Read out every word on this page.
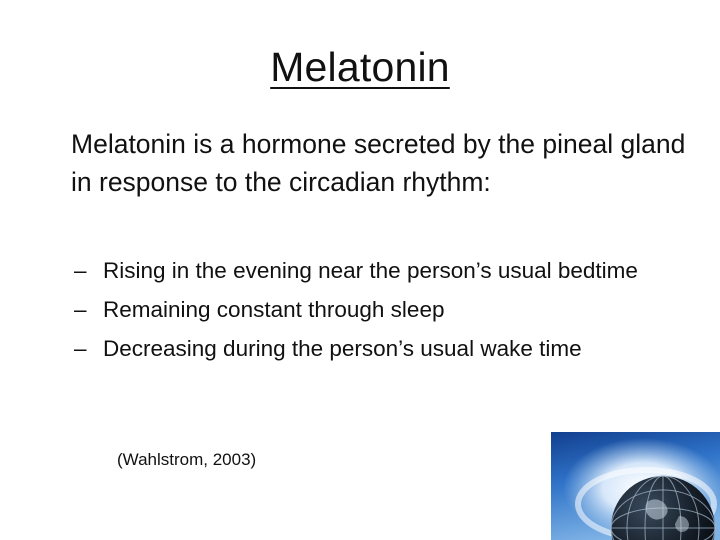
Melatonin
Melatonin is a hormone secreted by the pineal gland in response to the circadian rhythm:
– Rising in the evening near the person’s usual bedtime
– Remaining constant through sleep
– Decreasing during the person’s usual wake time
(Wahlstrom, 2003)
